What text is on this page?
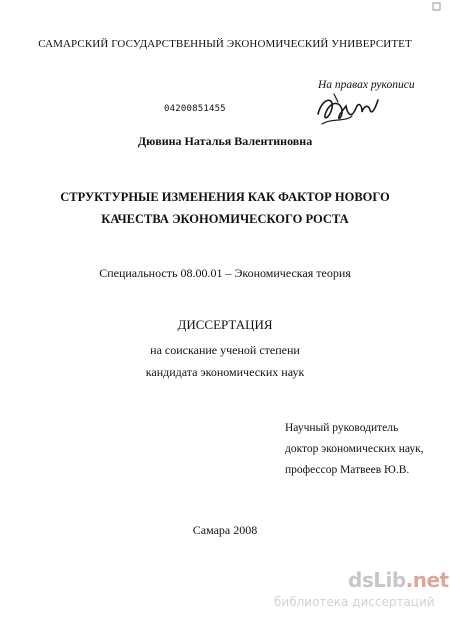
САМАРСКИЙ ГОСУДАРСТВЕННЫЙ ЭКОНОМИЧЕСКИЙ УНИВЕРСИТЕТ
На правах рукописи
04200851455
Дювина Наталья Валентиновна
СТРУКТУРНЫЕ ИЗМЕНЕНИЯ КАК ФАКТОР НОВОГО
КАЧЕСТВА ЭКОНОМИЧЕСКОГО РОСТА
Специальность 08.00.01 – Экономическая теория
ДИССЕРТАЦИЯ
на соискание ученой степени
кандидата экономических наук
Научный руководитель
доктор экономических наук,
профессор Матвеев Ю.В.
Самара 2008
dsLib.net
библиотека диссертаций
